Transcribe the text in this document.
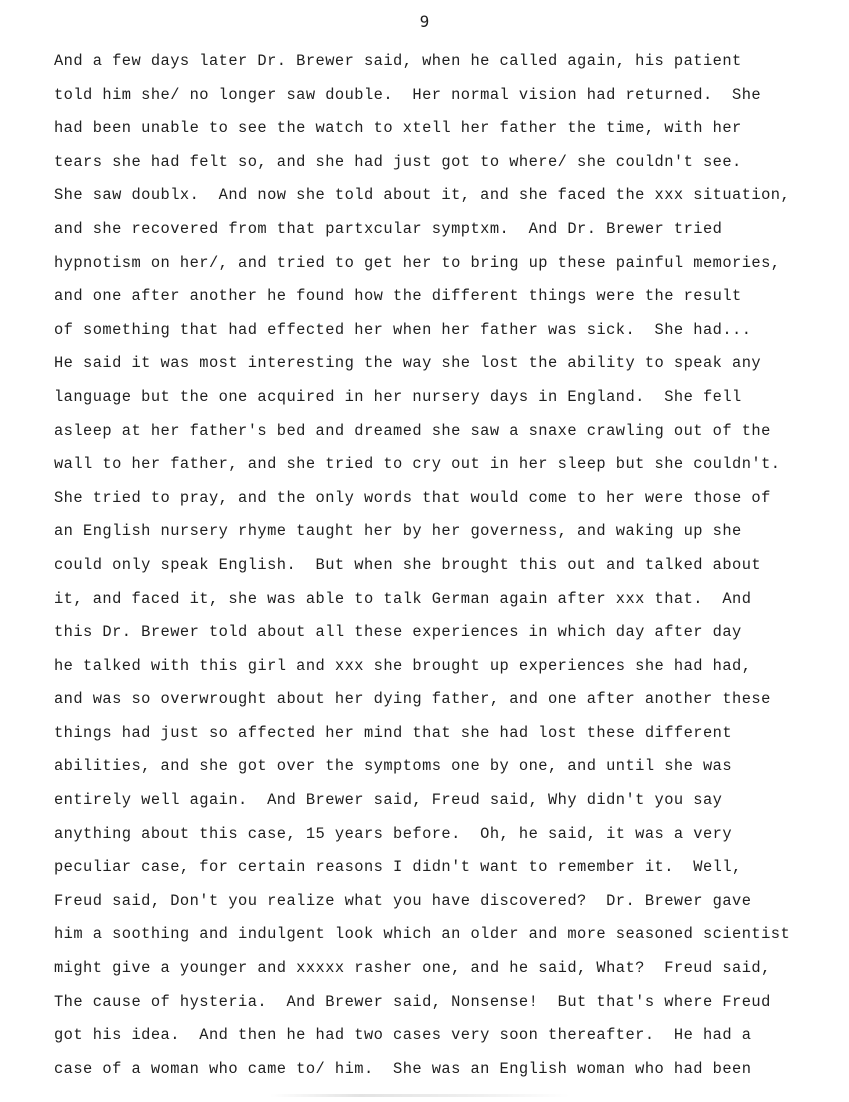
9
And a few days later Dr. Brewer said, when he called again, his patient
told him she/ no longer saw double.  Her normal vision had returned.  She
had been unable to see the watch to xtell her father the time, with her
tears she had felt so, and she had just got to where/ she couldn't see.
She saw doublx.  And now she told about it, and she faced the xxx situation,
and she recovered from that partxcular symptxm.  And Dr. Brewer tried
hypnotism on her/, and tried to get her to bring up these painful memories,
and one after another he found how the different things were the result
of something that had effected her when her father was sick.  She had...
He said it was most interesting the way she lost the ability to speak any
language but the one acquired in her nursery days in England.  She fell
asleep at her father's bed and dreamed she saw a snaxe crawling out of the
wall to her father, and she tried to cry out in her sleep but she couldn't.
She tried to pray, and the only words that would come to her were those of
an English nursery rhyme taught her by her governess, and waking up she
could only speak English.  But when she brought this out and talked about
it, and faced it, she was able to talk German again after xxx that.  And
this Dr. Brewer told about all these experiences in which day after day
he talked with this girl and xxx she brought up experiences she had had,
and was so overwrought about her dying father, and one after another these
things had just so affected her mind that she had lost these different
abilities, and she got over the symptoms one by one, and until she was
entirely well again.  And Brewer said, Freud said, Why didn't you say
anything about this case, 15 years before.  Oh, he said, it was a very
peculiar case, for certain reasons I didn't want to remember it.  Well,
Freud said, Don't you realize what you have discovered?  Dr. Brewer gave
him a soothing and indulgent look which an older and more seasoned scientist
might give a younger and xxxxx rasher one, and he said, What?  Freud said,
The cause of hysteria.  And Brewer said, Nonsense!  But that's where Freud
got his idea.  And then he had two cases very soon thereafter.  He had a
case of a woman who came to/ him.  She was an English woman who had been
